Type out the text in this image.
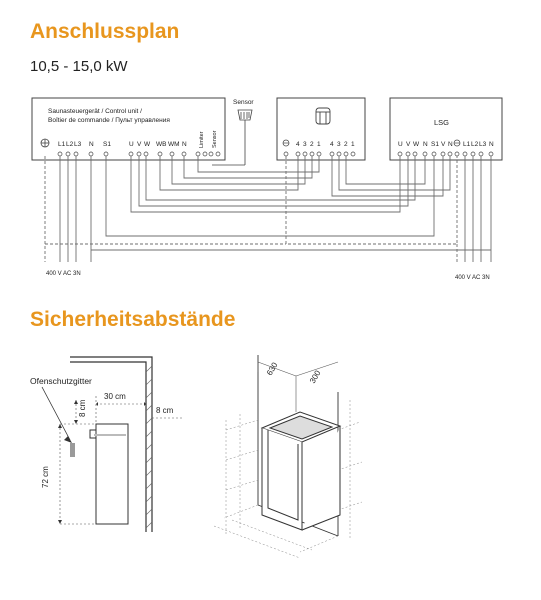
Anschlussplan
10,5 - 15,0 kW
Saunasteuergerät / Control unit /
Boîtier de commande / Пульт управления
L1 L2 L3 N S1	U V W WB WM N Limiter Sensor
Sensor
4 3 2 1 4 3 2 1
LSG
U V W N S1 V N L1 L2 L3 N
400 V AC 3N
400 V AC 3N
Sicherheitsabstände
Ofenschutzgitter
30 cm
8 cm	8 cm
72 cm
630	300
